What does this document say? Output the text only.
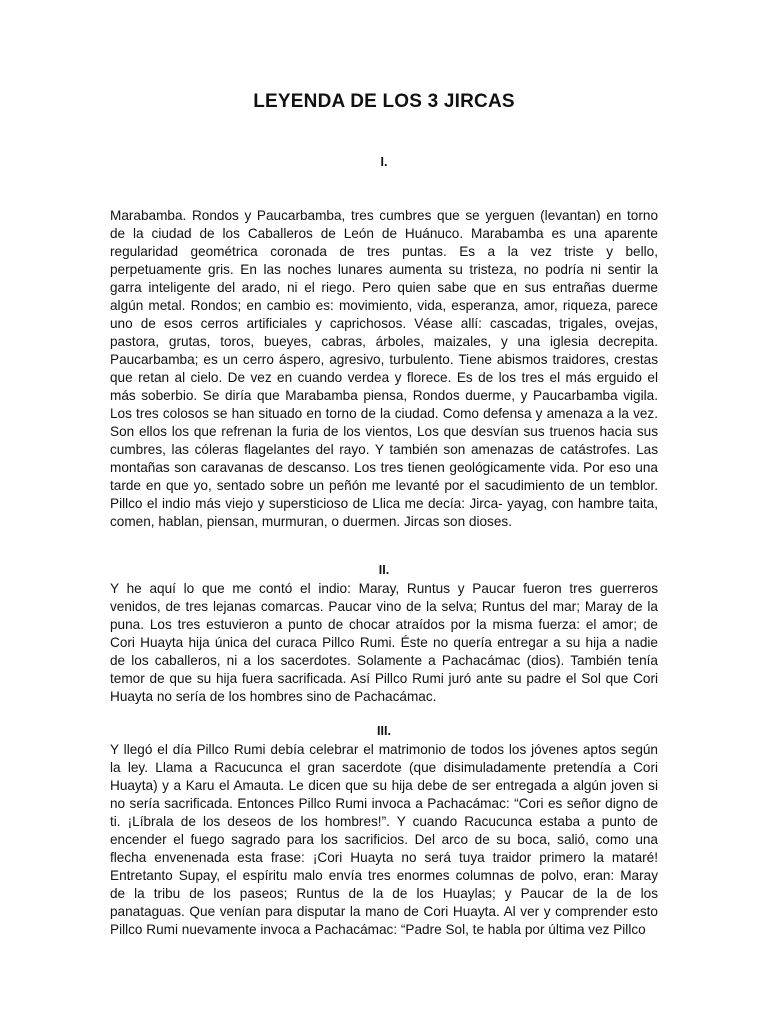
LEYENDA DE LOS 3 JIRCAS
I.
Marabamba. Rondos y Paucarbamba, tres cumbres que se yerguen (levantan) en torno
de la ciudad de los Caballeros de León de Huánuco. Marabamba es una aparente
regularidad geométrica coronada de tres puntas. Es a la vez triste y bello,
perpetuamente gris. En las noches lunares aumenta su tristeza, no podría ni sentir la
garra inteligente del arado, ni el riego. Pero quien sabe que en sus entrañas duerme
algún metal. Rondos; en cambio es: movimiento, vida, esperanza, amor, riqueza, parece
uno de esos cerros artificiales y caprichosos. Véase allí: cascadas, trigales, ovejas,
pastora, grutas, toros, bueyes, cabras, árboles, maizales, y una iglesia decrepita.
Paucarbamba; es un cerro áspero, agresivo, turbulento. Tiene abismos traidores, crestas
que retan al cielo. De vez en cuando verdea y florece. Es de los tres el más erguido el
más soberbio. Se diría que Marabamba piensa, Rondos duerme, y Paucarbamba vigila.
Los tres colosos se han situado en torno de la ciudad. Como defensa y amenaza a la vez.
Son ellos los que refrenan la furia de los vientos, Los que desvían sus truenos hacia sus
cumbres, las cóleras flagelantes del rayo. Y también son amenazas de catástrofes. Las
montañas son caravanas de descanso. Los tres tienen geológicamente vida. Por eso una
tarde en que yo, sentado sobre un peñón me levanté por el sacudimiento de un temblor.
Pillco el indio más viejo y supersticioso de Llica me decía: Jirca- yayag, con hambre taita,
comen, hablan, piensan, murmuran, o duermen. Jircas son dioses.
II.
Y he aquí lo que me contó el indio: Maray, Runtus y Paucar fueron tres guerreros
venidos, de tres lejanas comarcas. Paucar vino de la selva; Runtus del mar; Maray de la
puna. Los tres estuvieron a punto de chocar atraídos por la misma fuerza: el amor; de
Cori Huayta hija única del curaca Pillco Rumi. Éste no quería entregar a su hija a nadie
de los caballeros, ni a los sacerdotes. Solamente a Pachacámac (dios). También tenía
temor de que su hija fuera sacrificada. Así Pillco Rumi juró ante su padre el Sol que Cori
Huayta no sería de los hombres sino de Pachacámac.
III.
Y llegó el día Pillco Rumi debía celebrar el matrimonio de todos los jóvenes aptos según
la ley. Llama a Racucunca el gran sacerdote (que disimuladamente pretendía a Cori
Huayta) y a Karu el Amauta. Le dicen que su hija debe de ser entregada a algún joven si
no sería sacrificada. Entonces Pillco Rumi invoca a Pachacámac: “Cori es señor digno de
ti. ¡Líbrala de los deseos de los hombres!”. Y cuando Racucunca estaba a punto de
encender el fuego sagrado para los sacrificios. Del arco de su boca, salió, como una
flecha envenenada esta frase: ¡Cori Huayta no será tuya traidor primero la mataré!
Entretanto Supay, el espíritu malo envía tres enormes columnas de polvo, eran: Maray
de la tribu de los paseos; Runtus de la de los Huaylas; y Paucar de la de los
panataguas. Que venían para disputar la mano de Cori Huayta. Al ver y comprender esto
Pillco Rumi nuevamente invoca a Pachacámac: “Padre Sol, te habla por última vez Pillco
